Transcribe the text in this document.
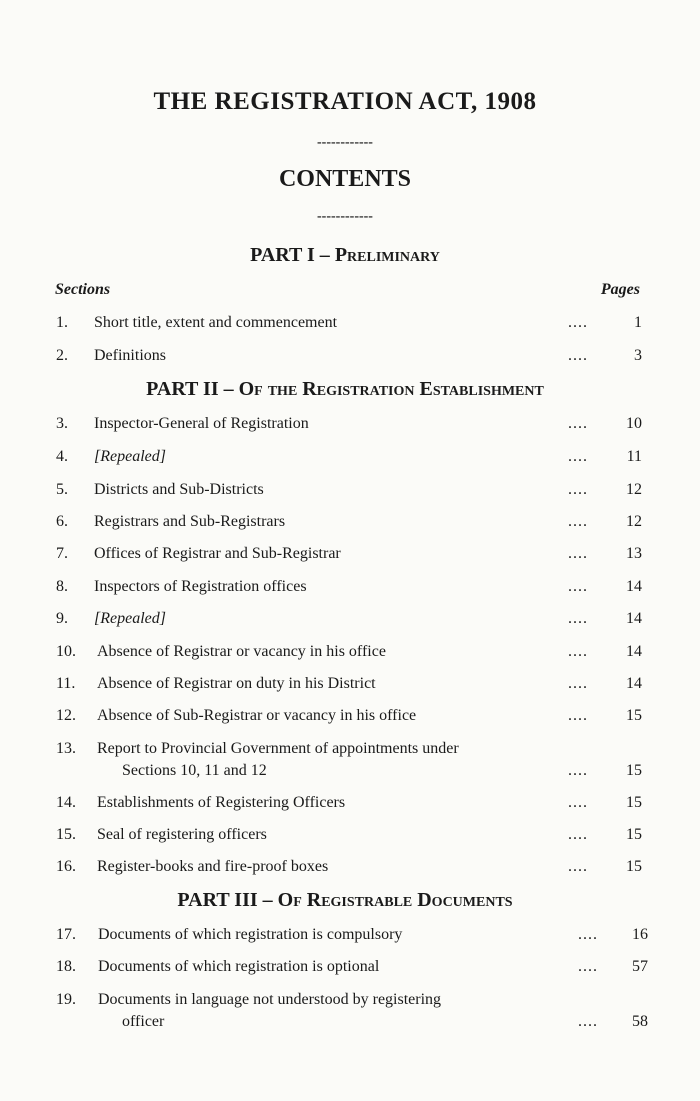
THE REGISTRATION ACT, 1908
------------
CONTENTS
------------
PART I – Preliminary
Sections	Pages
1. Short title, extent and commencement	....	1
2. Definitions	....	3
PART II – Of the Registration Establishment
3. Inspector-General of Registration	.... 10
4. [Repealed]	.... 11
5. Districts and Sub-Districts	.... 12
6. Registrars and Sub-Registrars	.... 12
7. Offices of Registrar and Sub-Registrar	.... 13
8. Inspectors of Registration offices	.... 14
9. [Repealed]	.... 14
10. Absence of Registrar or vacancy in his office	.... 14
11. Absence of Registrar on duty in his District	.... 14
12. Absence of Sub-Registrar or vacancy in his office	.... 15
13. Report to Provincial Government of appointments under
Sections 10, 11 and 12	.... 15
14. Establishments of Registering Officers	.... 15
15. Seal of registering officers	.... 15
16. Register-books and fire-proof boxes	.... 15
PART III – Of Registrable Documents
17. Documents of which registration is compulsory	.... 16
18. Documents of which registration is optional	.... 57
19. Documents in language not understood by registering
officer	.... 58
